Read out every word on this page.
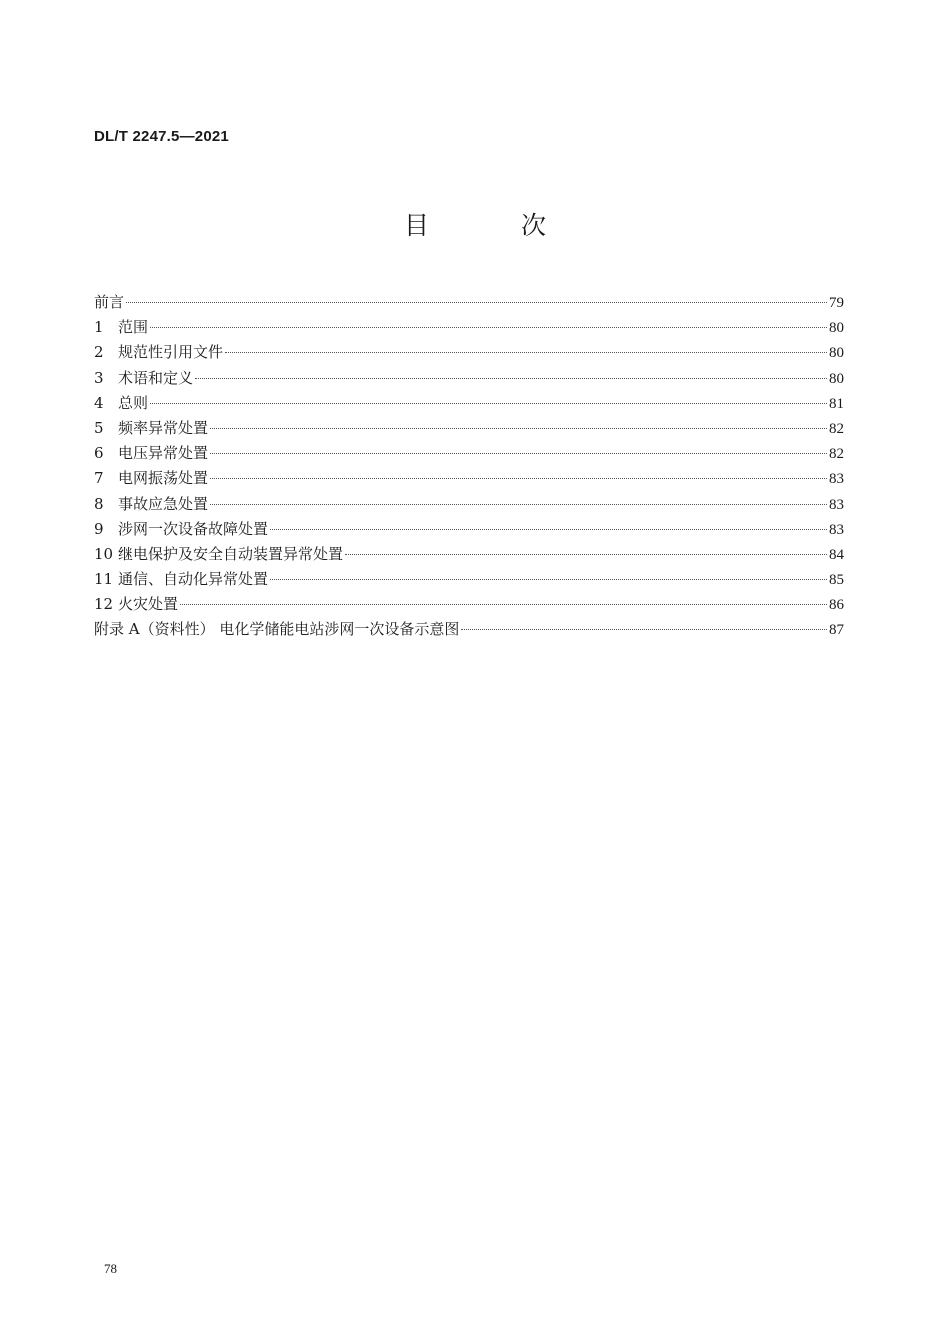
DL/T 2247.5—2021
目 次
前言	79
1 范围	80
2 规范性引用文件	80
3 术语和定义	80
4 总则	81
5 频率异常处置	82
6 电压异常处置	82
7 电网振荡处置	83
8 事故应急处置	83
9 涉网一次设备故障处置	83
10 继电保护及安全自动装置异常处置	84
11 通信、自动化异常处置	85
12 火灾处置	86
附录 A（资料性） 电化学储能电站涉网一次设备示意图	87
78
